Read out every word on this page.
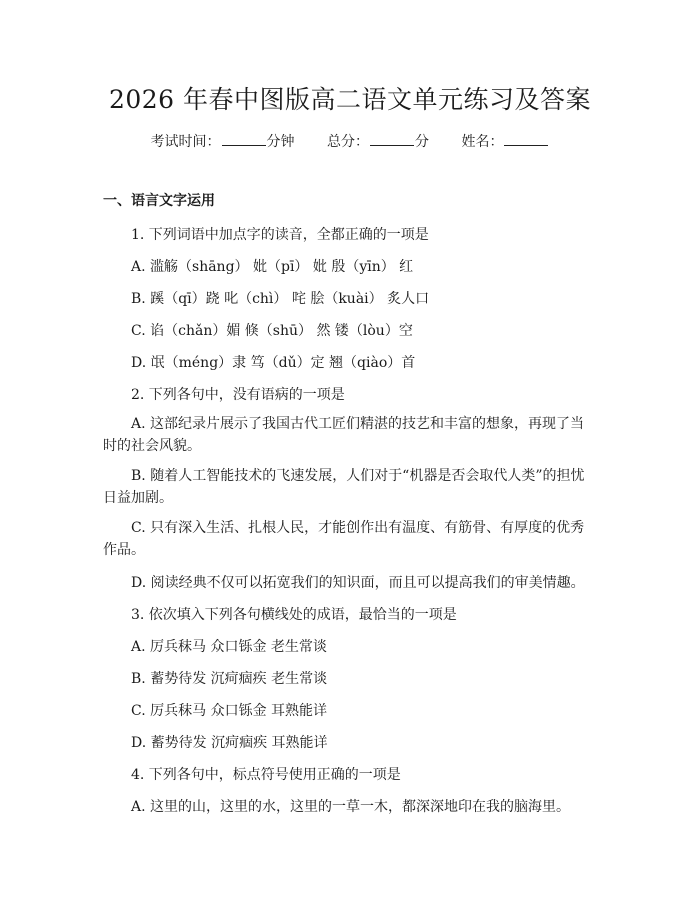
2026 年春中图版高二语文单元练习及答案
考试时间：	分钟 总分：	分 姓名：
一、语言文字运用
1. 下列词语中加点字的读音，全都正确的一项是
A. 滥觞（shāng） 妣（pī） 妣 殷（yīn） 红
B. 蹊（qī）跷 叱（chì） 咤 脍（kuài） 炙人口
C. 谄（chǎn）媚 倏（shū） 然 镂（lòu）空
D. 氓（méng）隶 笃（dǔ）定 翘（qiào）首
2. 下列各句中，没有语病的一项是
A. 这部纪录片展示了我国古代工匠们精湛的技艺和丰富的想象，再现了当时的社会风貌。
B. 随着人工智能技术的飞速发展，人们对于“机器是否会取代人类”的担忧日益加剧。
C. 只有深入生活、扎根人民，才能创作出有温度、有筋骨、有厚度的优秀作品。
D. 阅读经典不仅可以拓宽我们的知识面，而且可以提高我们的审美情趣。
3. 依次填入下列各句横线处的成语，最恰当的一项是
A. 厉兵秣马 众口铄金 老生常谈
B. 蓄势待发 沉疴痼疾 老生常谈
C. 厉兵秣马 众口铄金 耳熟能详
D. 蓄势待发 沉疴痼疾 耳熟能详
4. 下列各句中，标点符号使用正确的一项是
A. 这里的山，这里的水，这里的一草一木，都深深地印在我的脑海里。
